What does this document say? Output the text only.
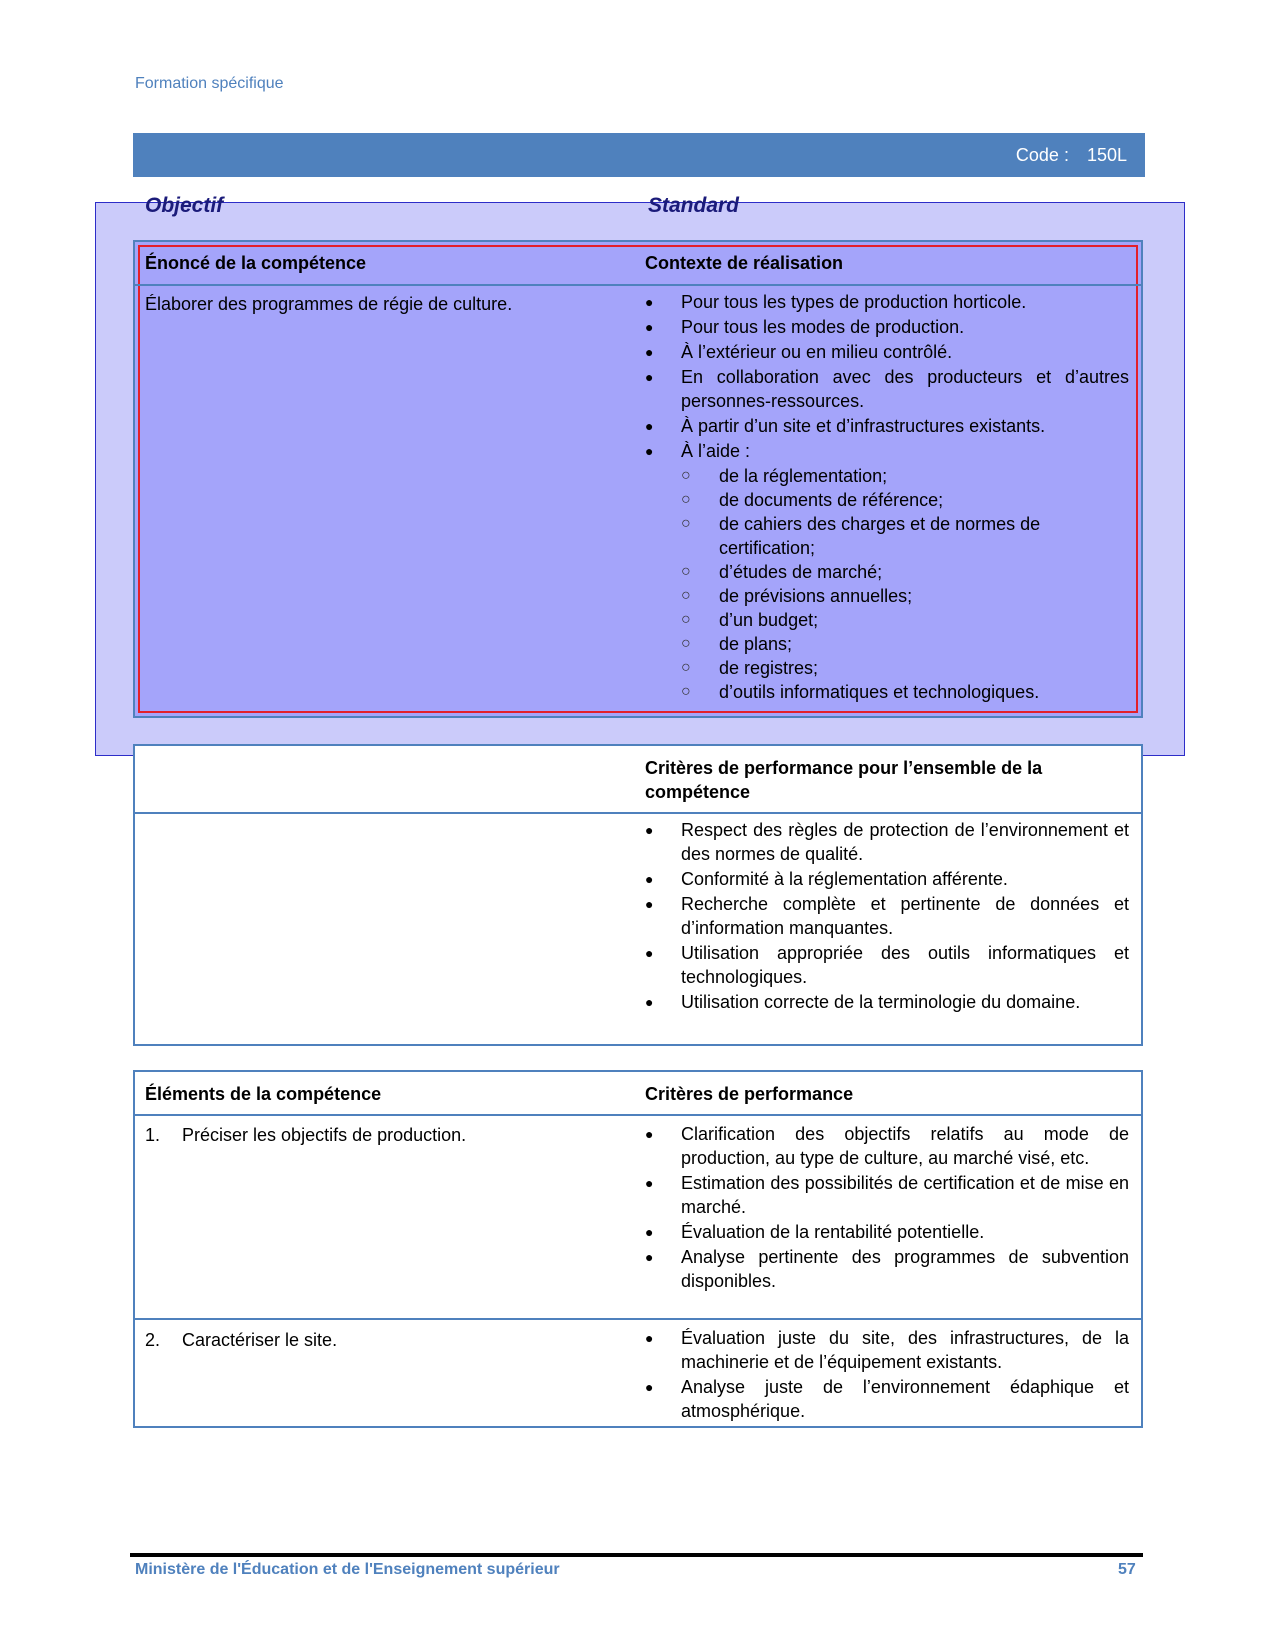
Formation spécifique
Code : 150L
Objectif	Standard
Énoncé de la compétence	Contexte de réalisation
Élaborer des programmes de régie de culture.	● Pour tous les types de production horticole.
● Pour tous les modes de production.
● À l’extérieur ou en milieu contrôlé.
● En collaboration avec des producteurs et d’autres personnes-ressources.
● À partir d’un site et d’infrastructures existants.
● À l’aide :
○ de la réglementation;
○ de documents de référence;
○ de cahiers des charges et de normes de certification;
○ d’études de marché;
○ de prévisions annuelles;
○ d’un budget;
○ de plans;
○ de registres;
○ d’outils informatiques et technologiques.
Critères de performance pour l’ensemble de la compétence
● Respect des règles de protection de l’environnement et des normes de qualité.
● Conformité à la réglementation afférente.
● Recherche complète et pertinente de données et d’information manquantes.
● Utilisation appropriée des outils informatiques et technologiques.
● Utilisation correcte de la terminologie du domaine.
Éléments de la compétence	Critères de performance
1. Préciser les objectifs de production.	● Clarification des objectifs relatifs au mode de production, au type de culture, au marché visé, etc.
● Estimation des possibilités de certification et de mise en marché.
● Évaluation de la rentabilité potentielle.
● Analyse pertinente des programmes de subvention disponibles.
2. Caractériser le site.	● Évaluation juste du site, des infrastructures, de la machinerie et de l’équipement existants.
● Analyse juste de l’environnement édaphique et atmosphérique.
Ministère de l'Éducation et de l'Enseignement supérieur	57
